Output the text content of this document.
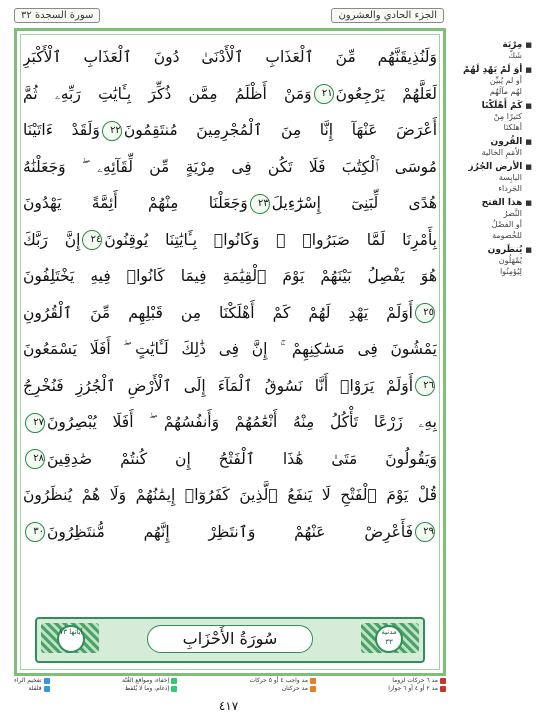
سورة السجدة ٣٢	الجزء الحادي والعشرون
وَلَنُذِيقَنَّهُم مِّنَ ٱلْعَذَابِ ٱلْأَدْنَىٰ دُونَ ٱلْعَذَابِ ٱلْأَكْبَرِ
لَعَلَّهُمْ يَرْجِعُونَ٢١وَمَنْ أَظْلَمُ مِمَّن ذُكِّرَ بِـَٔايَٰتِ رَبِّهِۦ ثُمَّ
أَعْرَضَ عَنْهَآ إِنَّا مِنَ ٱلْمُجْرِمِينَ مُنتَقِمُونَ٢٢وَلَقَدْ ءَاتَيْنَا
مُوسَى ٱلْكِتَٰبَ فَلَا تَكُن فِى مِرْيَةٍ مِّن لِّقَآئِهِۦ ۖ وَجَعَلْنَٰهُ
هُدًى لِّبَنِىٓ إِسْرَٰٓءِيلَ٢٣وَجَعَلْنَا مِنْهُمْ أَئِمَّةً يَهْدُونَ
بِأَمْرِنَا لَمَّا صَبَرُوا۟ ۖ وَكَانُوا۟ بِـَٔايَٰتِنَا يُوقِنُونَ٢٤إِنَّ رَبَّكَ
هُوَ يَفْصِلُ بَيْنَهُمْ يَوْمَ ٱلْقِيَٰمَةِ فِيمَا كَانُوا۟ فِيهِ يَخْتَلِفُونَ
٢٥أَوَلَمْ يَهْدِ لَهُمْ كَمْ أَهْلَكْنَا مِن قَبْلِهِم مِّنَ ٱلْقُرُونِ
يَمْشُونَ فِى مَسَٰكِنِهِمْ ۚ إِنَّ فِى ذَٰلِكَ لَـَٔايَٰتٍ ۖ أَفَلَا يَسْمَعُونَ
٢٦أَوَلَمْ يَرَوْا۟ أَنَّا نَسُوقُ ٱلْمَآءَ إِلَى ٱلْأَرْضِ ٱلْجُرُزِ فَنُخْرِجُ
بِهِۦ زَرْعًا تَأْكُلُ مِنْهُ أَنْعَٰمُهُمْ وَأَنفُسُهُمْ ۖ أَفَلَا يُبْصِرُونَ٢٧
وَيَقُولُونَ مَتَىٰ هَٰذَا ٱلْفَتْحُ إِن كُنتُمْ صَٰدِقِينَ٢٨
قُلْ يَوْمَ ٱلْفَتْحِ لَا يَنفَعُ ٱلَّذِينَ كَفَرُوٓا۟ إِيمَٰنُهُمْ وَلَا هُمْ يُنظَرُونَ
٢٩فَأَعْرِضْ عَنْهُمْ وَٱنتَظِرْ إِنَّهُم مُّنتَظِرُونَ٣٠
آياتها ٧٣	مدنية ٣٣
سُورَةُ الأَحْزَابِ
■ مِرْيَة
شَكّ
■ أوَ لَمْ يَهْدِ لَهُمْ
أو لم يُبيِّن
لهُم مآلَهُم
■ كَمْ أَهْلَكْنَا
كثيرًا مِنْ
أهلكنَا
■ القُرون
الأمَمِ الخالية
■ الأرض الجُرُز
اليابِسة
الجَرداء
■ هذا الفتح
النَّصرُ
أو الفصْلُ
للخُصومة
■ يُنظَرون
يُمْهَلُون
لِيُؤمِنُوا
مد ٦ حركات لزوما
مد ٢ أو ٤ أو ٦ جوازا
مد واجب ٤ أو ٥ حركات
مد حركتان
إخفاء، ومواقع الغُنّة
إدغام، وما لا يُلفظ
تفخيم الراء
قلقلة
٤١٧
